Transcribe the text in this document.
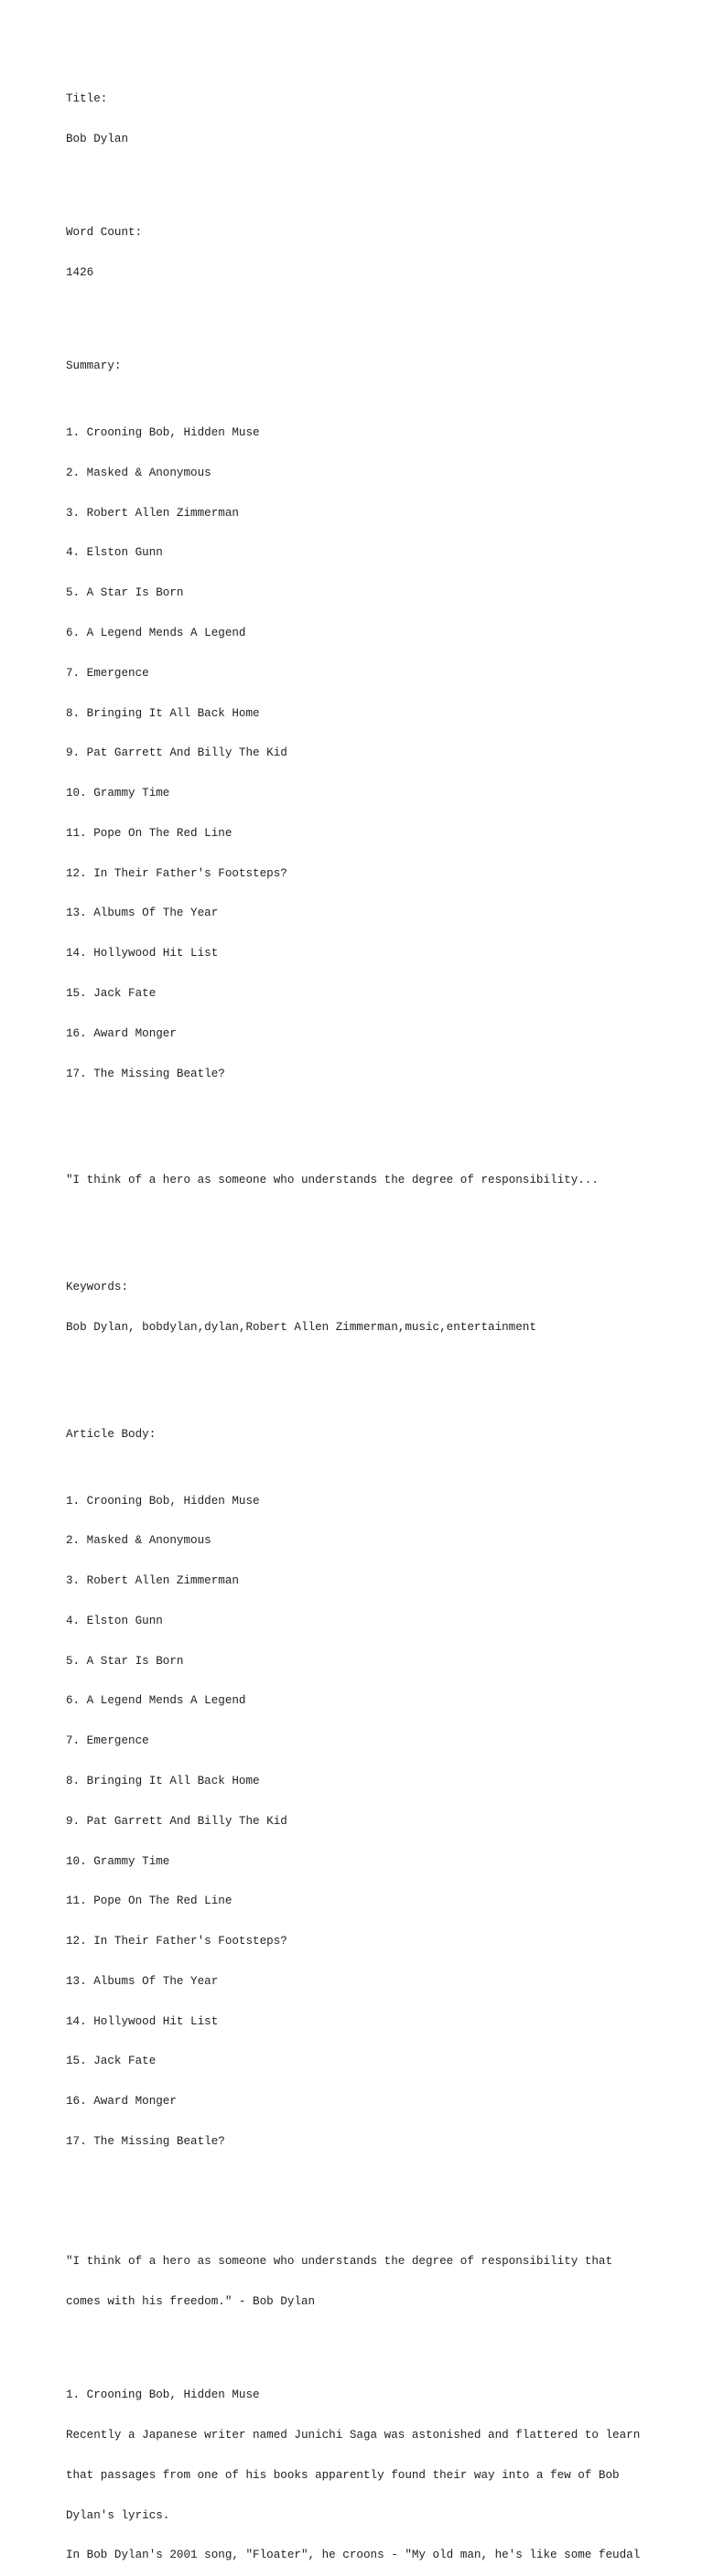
Title:

Bob Dylan

Word Count:

1426

Summary:

1. Crooning Bob, Hidden Muse

2. Masked & Anonymous

3. Robert Allen Zimmerman

4. Elston Gunn

5. A Star Is Born

6. A Legend Mends A Legend

7. Emergence

8. Bringing It All Back Home

9. Pat Garrett And Billy The Kid

10. Grammy Time

11. Pope On The Red Line

12. In Their Father's Footsteps?

13. Albums Of The Year

14. Hollywood Hit List

15. Jack Fate

16. Award Monger

17. The Missing Beatle?

"I think of a hero as someone who understands the degree of responsibility...

Keywords:

Bob Dylan, bobdylan,dylan,Robert Allen Zimmerman,music,entertainment

Article Body:

1. Crooning Bob, Hidden Muse

2. Masked & Anonymous

3. Robert Allen Zimmerman

4. Elston Gunn

5. A Star Is Born

6. A Legend Mends A Legend

7. Emergence

8. Bringing It All Back Home

9. Pat Garrett And Billy The Kid

10. Grammy Time

11. Pope On The Red Line

12. In Their Father's Footsteps?

13. Albums Of The Year

14. Hollywood Hit List

15. Jack Fate

16. Award Monger

17. The Missing Beatle?

"I think of a hero as someone who understands the degree of responsibility that

comes with his freedom." - Bob Dylan

1. Crooning Bob, Hidden Muse

Recently a Japanese writer named Junichi Saga was astonished and flattered to learn

that passages from one of his books apparently found their way into a few of Bob

Dylan's lyrics.

In Bob Dylan's 2001 song, "Floater", he croons - "My old man, he's like some feudal
